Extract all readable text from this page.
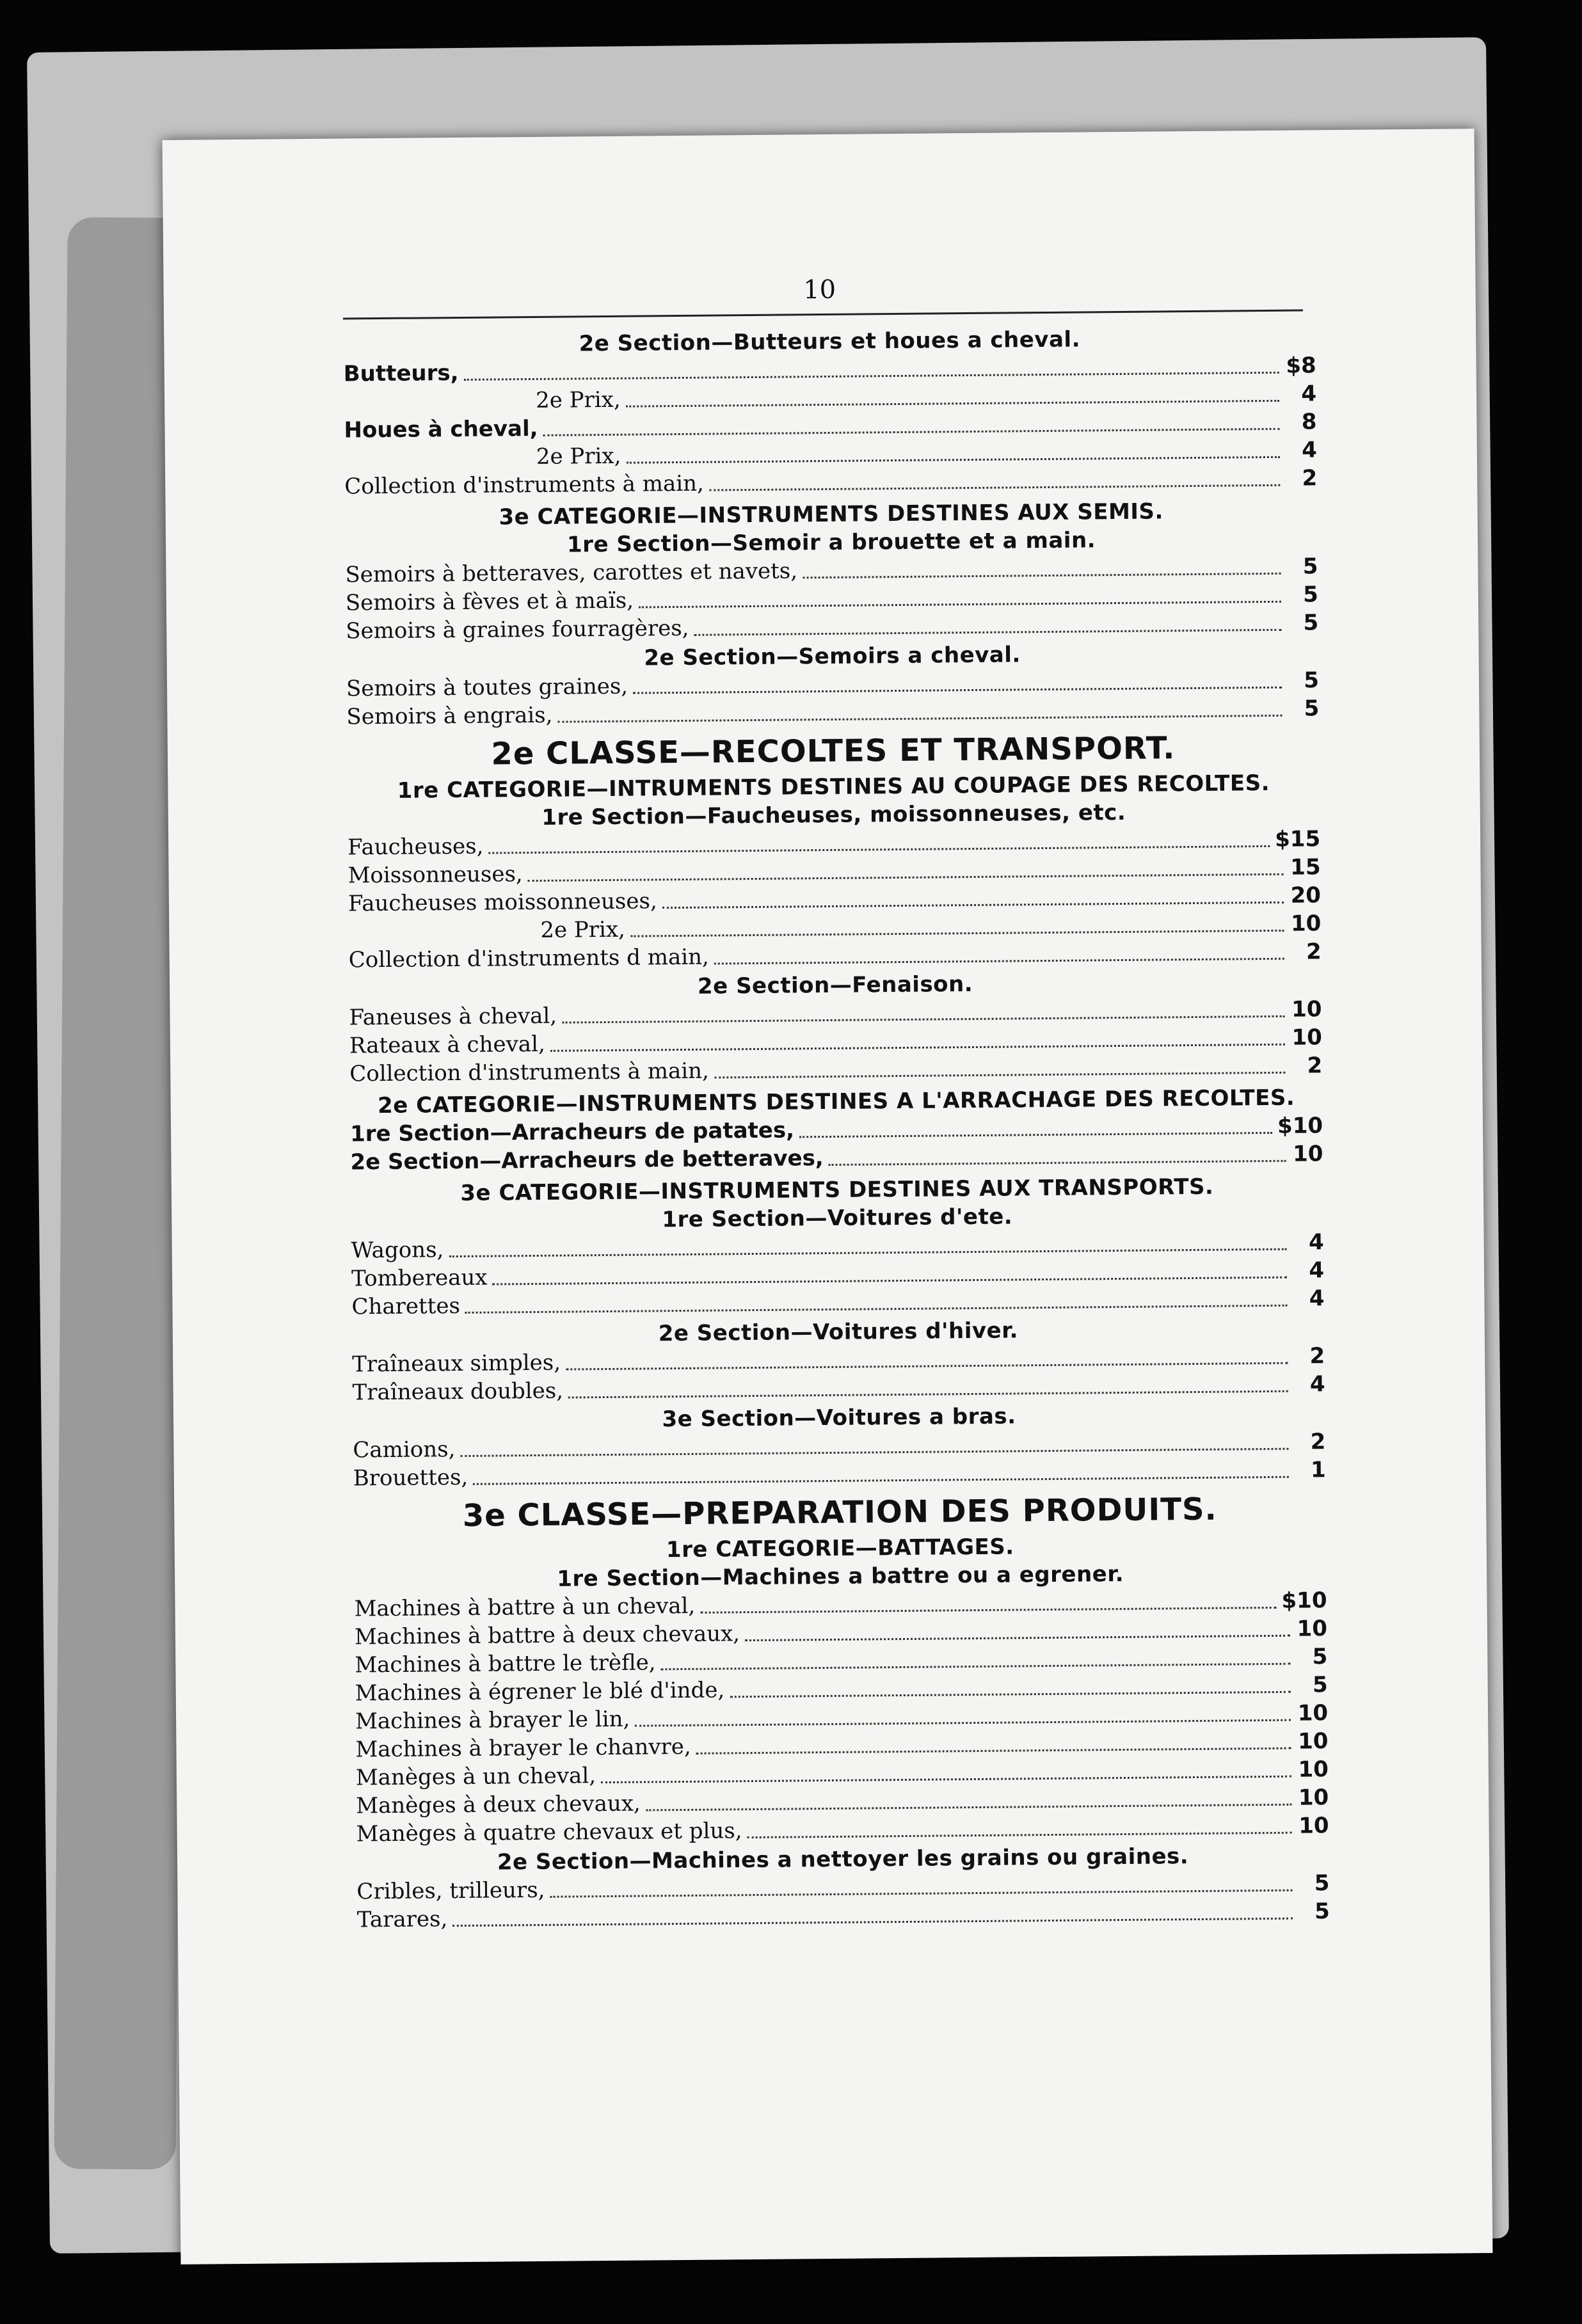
10
2e Section—Butteurs et houes a cheval.
Butteurs,	$8
2e Prix,	4
Houes à cheval,	8
2e Prix,	4
Collection d'instruments à main,	2
3e CATEGORIE—INSTRUMENTS DESTINES AUX SEMIS.
1re Section—Semoir a brouette et a main.
Semoirs à betteraves, carottes et navets,	5
Semoirs à fèves et à maïs,	5
Semoirs à graines fourragères,	5
2e Section—Semoirs a cheval.
Semoirs à toutes graines,	5
Semoirs à engrais,	5
2e CLASSE—RECOLTES ET TRANSPORT.
1re CATEGORIE—INTRUMENTS DESTINES AU COUPAGE DES RECOLTES.
1re Section—Faucheuses, moissonneuses, etc.
Faucheuses,	$15
Moissonneuses,	15
Faucheuses moissonneuses,	20
2e Prix,	10
Collection d'instruments d main,	2
2e Section—Fenaison.
Faneuses à cheval,	10
Rateaux à cheval,	10
Collection d'instruments à main,	2
2e CATEGORIE—INSTRUMENTS DESTINES A L'ARRACHAGE DES RECOLTES.
1re Section—Arracheurs de patates,	$10
2e Section—Arracheurs de betteraves,	10
3e CATEGORIE—INSTRUMENTS DESTINES AUX TRANSPORTS.
1re Section—Voitures d'ete.
Wagons,	4
Tombereaux	4
Charettes	4
2e Section—Voitures d'hiver.
Traîneaux simples,	2
Traîneaux doubles,	4
3e Section—Voitures a bras.
Camions,	2
Brouettes,	1
3e CLASSE—PREPARATION DES PRODUITS.
1re CATEGORIE—BATTAGES.
1re Section—Machines a battre ou a egrener.
Machines à battre à un cheval,	$10
Machines à battre à deux chevaux,	10
Machines à battre le trèfle,	5
Machines à égrener le blé d'inde,	5
Machines à brayer le lin,	10
Machines à brayer le chanvre,	10
Manèges à un cheval,	10
Manèges à deux chevaux,	10
Manèges à quatre chevaux et plus,	10
2e Section—Machines a nettoyer les grains ou graines.
Cribles, trilleurs,	5
Tarares,	5
